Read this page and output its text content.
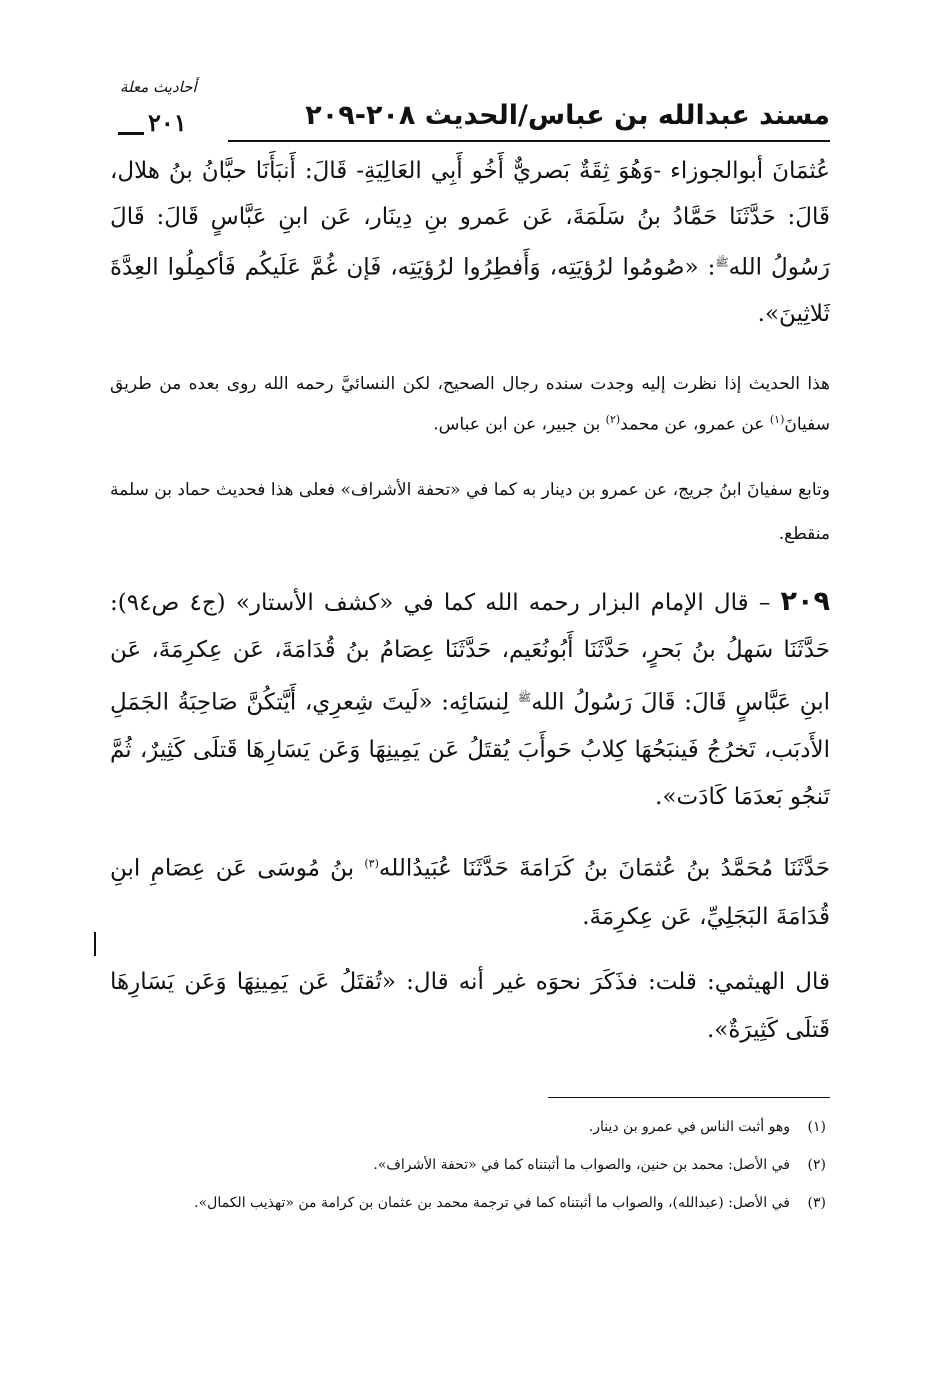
أحاديث معلة
٢٠١	مسند عبدالله بن عباس/الحديث ٢٠٨-٢٠٩

عُثمَانَ أبوالجوزاء -وَهُوَ ثِقَةٌ بَصريٌّ أَخُو أَبِي العَالِيَةِ- قَالَ: أَنبَأَنَا حبَّانُ بنُ هلال، قَالَ: حَدَّثَنَا حَمَّادُ بنُ سَلَمَةَ، عَن عَمرو بنِ دِينَار، عَن ابنِ عَبَّاسٍ قَالَ: قَالَ رَسُولُ الله$^ﷺ$: «صُومُوا لرُؤيَتِه، وَأَفطِرُوا لرُؤيَتِه، فَإن غُمَّ عَلَيكُم فَأكمِلُوا العِدَّةَ ثَلاثِينَ».

هذا الحديث إذا نظرت إليه وجدت سنده رجال الصحيح، لكن النسائيَّ رحمه الله روى بعده من طريق سفيانَ$^{(١)}$ عن عمرو، عن محمد$^{(٢)}$ بن جبير، عن ابن عباس.

وتابع سفيانَ ابنُ جريج، عن عمرو بن دينار به كما في «تحفة الأشراف» فعلى هذا فحديث حماد بن سلمة منقطع.

٢٠٩ – قال الإمام البزار رحمه الله كما في «كشف الأستار» (ج٤ ص٩٤): حَدَّثَنَا سَهلُ بنُ بَحرٍ، حَدَّثَنَا أَبُونُعَيم، حَدَّثَنَا عِصَامُ بنُ قُدَامَةَ، عَن عِكرِمَةَ، عَن ابنِ عَبَّاسٍ قَالَ: قَالَ رَسُولُ الله$^ﷺ$ لِنسَائِه: «لَيتَ شِعرِي، أَيَّتكُنَّ صَاحِبَةُ الجَمَلِ الأَدبَب، تَخرُجُ فَينبَحُهَا كِلابُ حَوأَبَ يُقتَلُ عَن يَمِينِهَا وَعَن يَسَارِهَا قَتلَى كَثِيرٌ، ثُمَّ تَنجُو بَعدَمَا كَادَت».

حَدَّثَنَا مُحَمَّدُ بنُ عُثمَانَ بنُ كَرَامَةَ حَدَّثَنَا عُبَيدُالله$^{(٣)}$ بنُ مُوسَى عَن عِصَامِ ابنِ قُدَامَةَ البَجَلِيِّ، عَن عِكرِمَةَ.

قال الهيثمي: قلت: فذَكَرَ نحوَه غير أنه قال: «تُقتَلُ عَن يَمِينِهَا وَعَن يَسَارِهَا قَتلَى كَثِيرَةٌ».

(١)وهو أثبت الناس في عمرو بن دينار.
(٢)في الأصل: محمد بن حنين، والصواب ما أثبتناه كما في «تحفة الأشراف».
(٣)في الأصل: (عبدالله)، والصواب ما أثبتناه كما في ترجمة محمد بن عثمان بن كرامة من «تهذيب الكمال».
